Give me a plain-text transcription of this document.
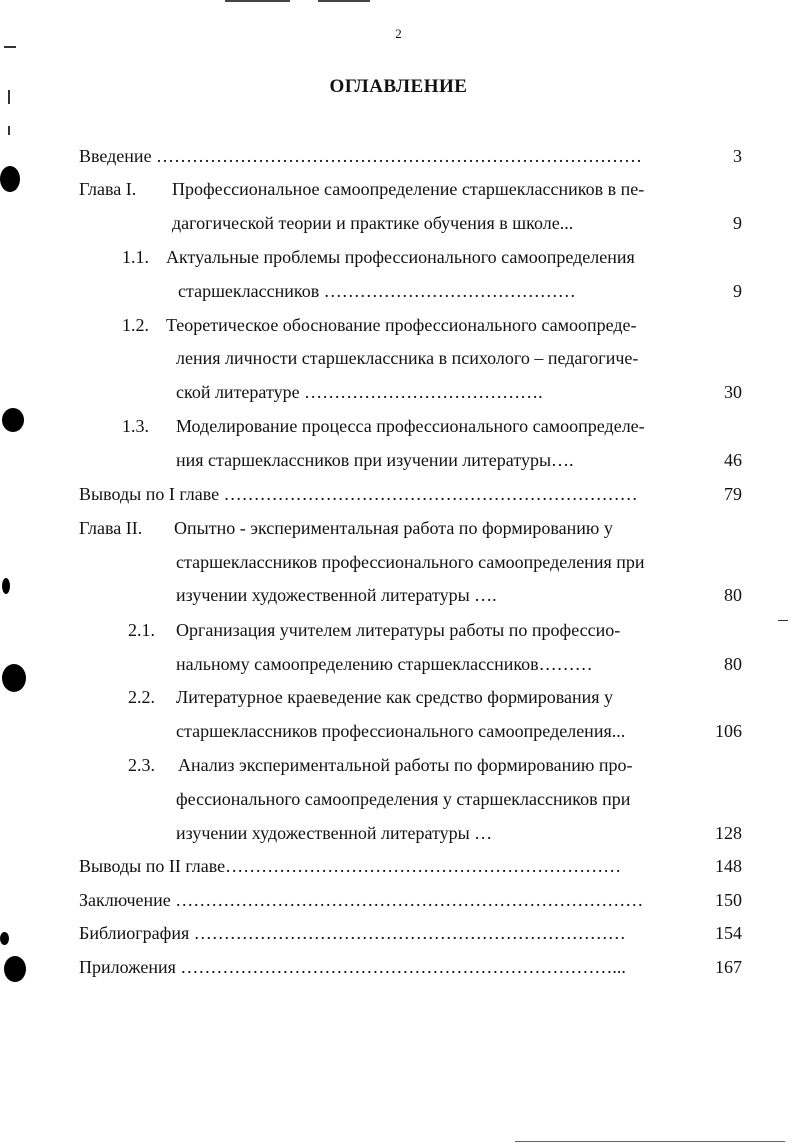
2
ОГЛАВЛЕНИЕ
Введение ………………………………………………………………………	3
Глава I. Профессиональное самоопределение старшеклассников в пе-
дагогической теории и практике обучения в школе...	9
1.1. Актуальные проблемы профессионального самоопределения
старшеклассников ……………………………………	9
1.2. Теоретическое обоснование профессионального самоопреде-
ления личности старшеклассника в психолого – педагогиче-
ской литературе ………………………………….	30
1.3. Моделирование процесса профессионального самоопределе-
ния старшеклассников при изучении литературы….	46
Выводы по I главе ……………………………………………………………	79
Глава II. Опытно - экспериментальная работа по формированию у
старшеклассников профессионального самоопределения при
изучении художественной литературы ….	80
2.1. Организация учителем литературы работы по профессио-
нальному самоопределению старшеклассников………	80
2.2. Литературное краеведение как средство формирования у
старшеклассников профессионального самоопределения...	106
2.3. Анализ экспериментальной работы по формированию про-
фессионального самоопределения у старшеклассников при
изучении художественной литературы …	128
Выводы по II главе…………………………………………………………	148
Заключение ……………………………………………………………………	150
Библиография ………………………………………………………………	154
Приложения ………………………………………………………………...	167
